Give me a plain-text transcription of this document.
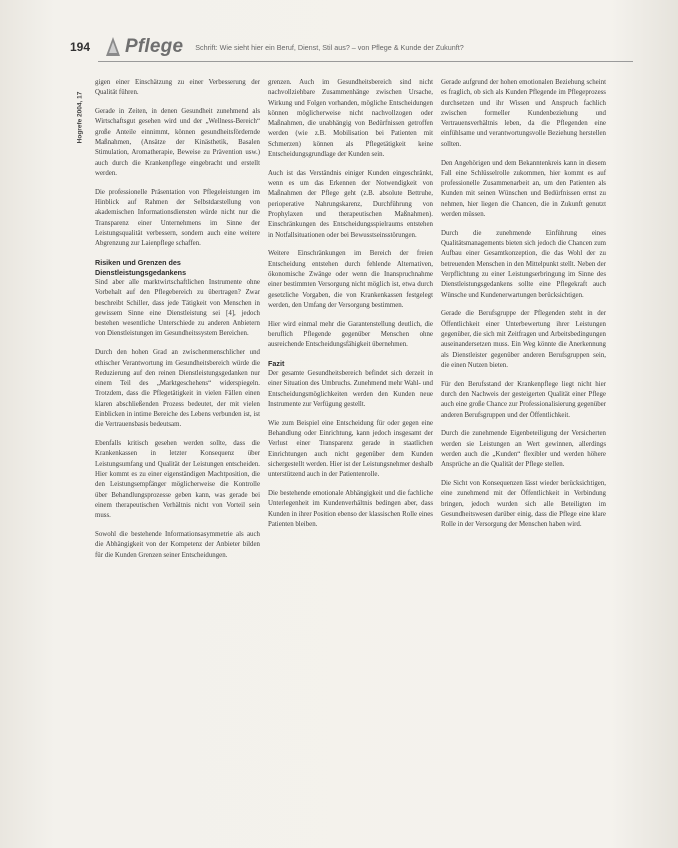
194	Pflege Schrift: Wie sieht hier ein Beruf, Dienst, Stil aus? – von Pflege & Kunde der Zukunft?
Hogrefe 2004, 17

gigen einer Einschätzung zu einer Verbesserung der Qualität führen.

Gerade in Zeiten, in denen Gesundheit zunehmend als Wirtschaftsgut gesehen wird und der „Wellness-Bereich“ große Anteile einnimmt, können gesundheitsfördernde Maßnahmen, (Ansätze der Kinästhetik, Basalen Stimulation, Aromatherapie, Beweise zu Prävention usw.) auch durch die Krankenpflege eingebracht und erstellt werden.

Die professionelle Präsentation von Pflegeleistungen im Hinblick auf Rahmen der Selbstdarstellung von akademischen Informationsdiensten würde nicht nur die Transparenz einer Unternehmens im Sinne der Leistungsqualität verbessern, sondern auch eine weitere Abgrenzung zur Laienpflege schaffen.

Risiken und Grenzen des Dienstleistungsgedankens

Sind aber alle marktwirtschaftlichen Instrumente ohne Vorbehalt auf den Pflegebereich zu übertragen? Zwar beschreibt Schiller, dass jede Tätigkeit von Menschen in gewissem Sinne eine Dienstleistung sei [4], jedoch bestehen wesentliche Unterschiede zu anderen Anbietern von Dienstleistungen im Gesundheitssystem Bereichen.

Durch den hohen Grad an zwischenmenschlicher und ethischer Verantwortung im Gesundheitsbereich würde die Reduzierung auf den reinen Dienstleistungsgedanken nur einem Teil des „Marktgeschehens“ widerspiegeln. Trotzdem, dass die Pflegetätigkeit in vielen Fällen einen klaren abschließenden Prozess bedeutet, der mit vielen Einblicken in intime Bereiche des Lebens verbunden ist, ist die Vertrauensbasis bedeutsam.

Ebenfalls kritisch gesehen werden sollte, dass die Krankenkassen in letzter Konsequenz über Leistungsumfang und Qualität der Leistungen entscheiden. Hier kommt es zu einer eigenständigen Machtposition, die den Leistungsempfänger möglicherweise die Kontrolle über Behandlungsprozesse geben kann, was gerade bei einem therapeutischen Verhältnis nicht von Vorteil sein muss.

Sowohl die bestehende Informationsasymmetrie als auch die Abhängigkeit von der Kompetenz der Anbieter bilden für die Kunden Grenzen seiner Entscheidungen.

grenzen. Auch im Gesundheitsbereich sind nicht nachvollziehbare Zusammenhänge zwischen Ursache, Wirkung und Folgen vorhanden, mögliche Entscheidungen können möglicherweise nicht nachvollzogen oder Maßnahmen, die unabhängig von Bedürfnissen getroffen werden (wie z.B. Mobilisation bei Patienten mit Schmerzen) können als Pflegetätigkeit keine Entscheidungsgrundlage der Kunden sein.

Auch ist das Verständnis einiger Kunden eingeschränkt, wenn es um das Erkennen der Notwendigkeit von Maßnahmen der Pflege geht (z.B. absolute Bettruhe, perioperative Nahrungskarenz, Durchführung von Prophylaxen und therapeutischen Maßnahmen). Einschränkungen des Entscheidungsspielraums entstehen in Notfallsituationen oder bei Bewusstseinsstörungen.

Weitere Einschränkungen im Bereich der freien Entscheidung entstehen durch fehlende Alternativen, ökonomische Zwänge oder wenn die Inanspruchnahme einer bestimmten Versorgung nicht möglich ist, etwa durch gesetzliche Vorgaben, die von Krankenkassen festgelegt werden, den Umfang der Versorgung bestimmen.

Hier wird einmal mehr die Garantenstellung deutlich, die beruflich Pflegende gegenüber Menschen ohne ausreichende Entscheidungsfähigkeit übernehmen.

Fazit

Der gesamte Gesundheitsbereich befindet sich derzeit in einer Situation des Umbruchs. Zunehmend mehr Wahl- und Entscheidungsmöglichkeiten werden den Kunden neue Instrumente zur Verfügung gestellt.

Wie zum Beispiel eine Entscheidung für oder gegen eine Behandlung oder Einrichtung, kann jedoch insgesamt der Verlust einer Transparenz gerade in staatlichen Einrichtungen auch nicht gegenüber dem Kunden sichergestellt werden. Hier ist der Leistungsnehmer deshalb unterstützend auch in der Patientenrolle.

Die bestehende emotionale Abhängigkeit und die fachliche Unterlegenheit im Kundenverhältnis bedingen aber, dass Kunden in ihrer Position ebenso der klassischen Rolle eines Patienten bleiben.

Gerade aufgrund der hohen emotionalen Beziehung scheint es fraglich, ob sich als Kunden Pflegende im Pflegeprozess durchsetzen und ihr Wissen und Anspruch fachlich zwischen formeller Kundenbeziehung und Vertrauensverhältnis leben, da die Pflegenden eine einfühlsame und verantwortungsvolle Beziehung herstellen sollten.

Den Angehörigen und dem Bekanntenkreis kann in diesem Fall eine Schlüsselrolle zukommen, hier kommt es auf professionelle Zusammenarbeit an, um den Patienten als Kunden mit seinen Wünschen und Bedürfnissen ernst zu nehmen, hier liegen die Chancen, die in Zukunft genutzt werden müssen.

Durch die zunehmende Einführung eines Qualitätsmanagements bieten sich jedoch die Chancen zum Aufbau einer Gesamtkonzeption, die das Wohl der zu betreuenden Menschen in den Mittelpunkt stellt. Neben der Verpflichtung zu einer Leistungserbringung im Sinne des Dienstleistungsgedankens sollte eine Pflegekraft auch Wünsche und Kundenerwartungen berücksichtigen.

Gerade die Berufsgruppe der Pflegenden steht in der Öffentlichkeit einer Unterbewertung ihrer Leistungen gegenüber, die sich mit Zeitfragen und Arbeitsbedingungen auseinandersetzen muss. Ein Weg könnte die Anerkennung als Dienstleister gegenüber anderen Berufsgruppen sein, die einen Nutzen bieten.

Für den Berufsstand der Krankenpflege liegt nicht hier durch den Nachweis der gesteigerten Qualität einer Pflege auch eine große Chance zur Professionalisierung gegenüber anderen Berufsgruppen und der Öffentlichkeit.

Durch die zunehmende Eigenbeteiligung der Versicherten werden sie Leistungen an Wert gewinnen, allerdings werden auch die „Kunden“ flexibler und werden höhere Ansprüche an die Qualität der Pflege stellen.

Die Sicht von Konsequenzen lässt wieder berücksichtigen, eine zunehmend mit der Öffentlichkeit in Verbindung bringen, jedoch wurden sich alle Beteiligten im Gesundheitswesen darüber einig, dass die Pflege eine klare Rolle in der Versorgung der Menschen haben wird.
